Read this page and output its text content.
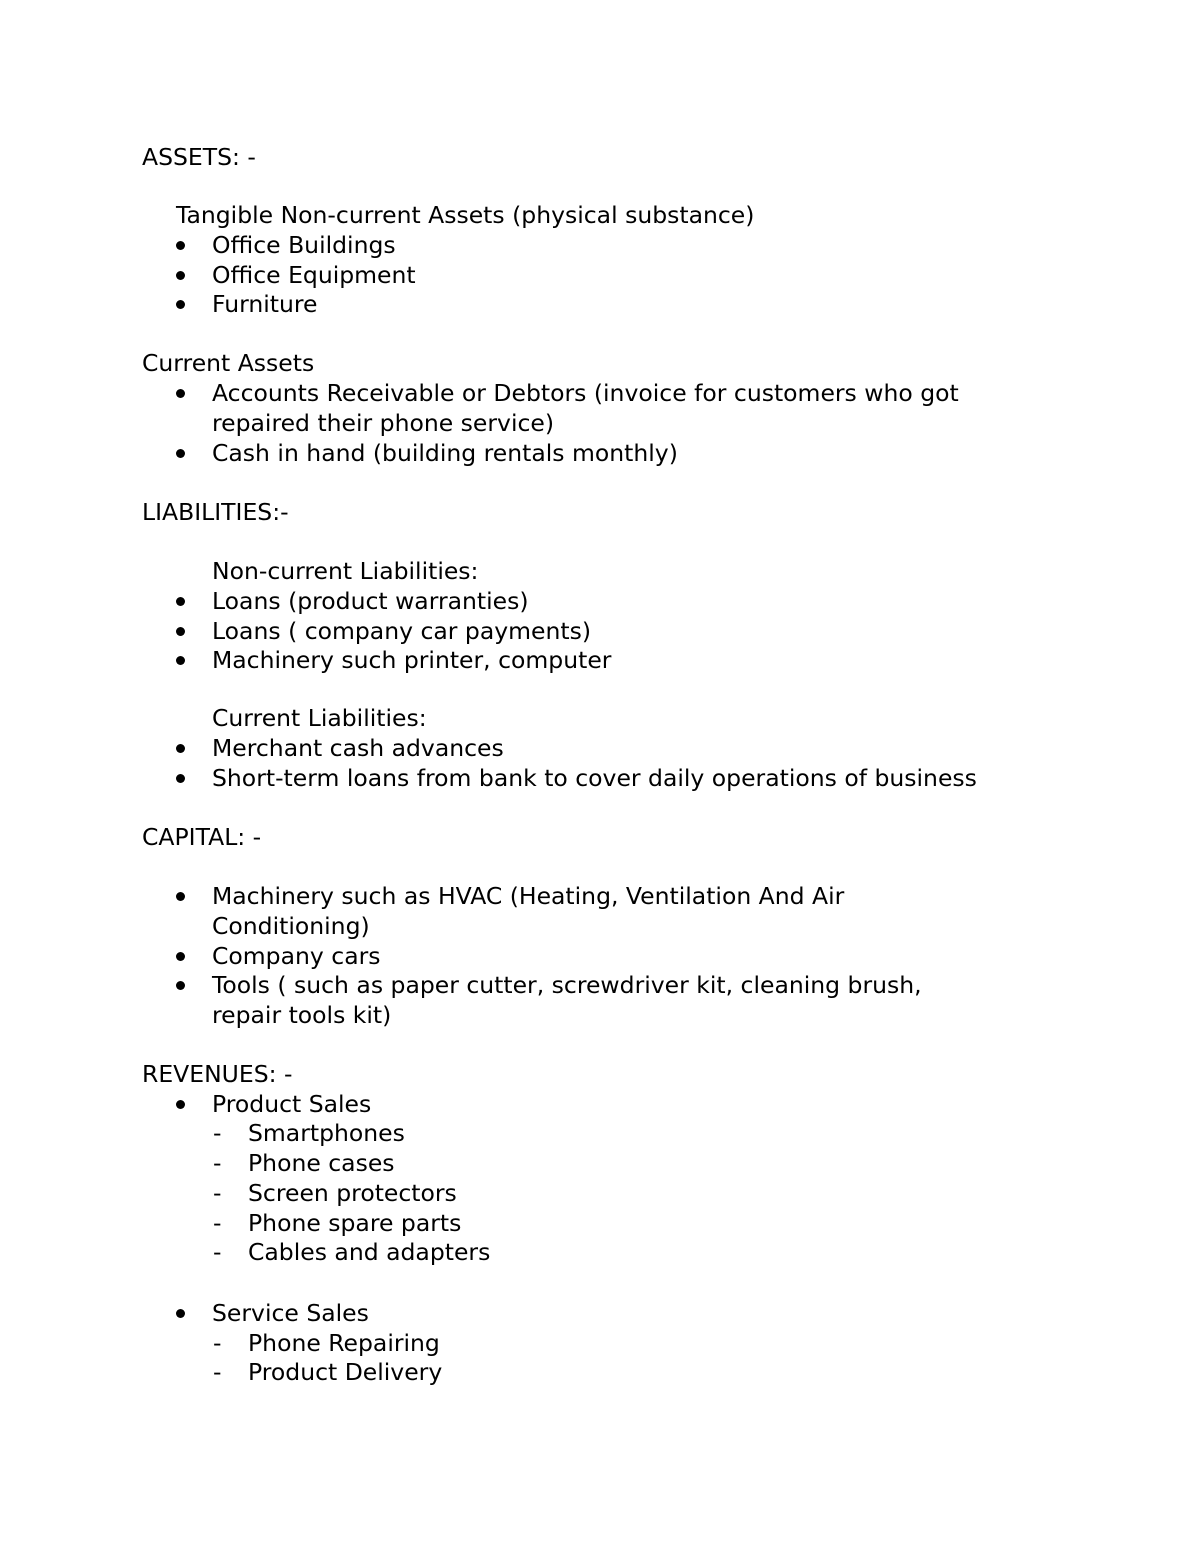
ASSETS: -
Tangible Non-current Assets (physical substance)
Office Buildings
Office Equipment
Furniture
Current Assets
Accounts Receivable or Debtors (invoice for customers who got
repaired their phone service)
Cash in hand (building rentals monthly)
LIABILITIES:-
Non-current Liabilities:
Loans (product warranties)
Loans ( company car payments)
Machinery such printer, computer
Current Liabilities:
Merchant cash advances
Short-term loans from bank to cover daily operations of business
CAPITAL: -
Machinery such as HVAC (Heating, Ventilation And Air
Conditioning)
Company cars
Tools ( such as paper cutter, screwdriver kit, cleaning brush,
repair tools kit)
REVENUES: -
Product Sales
- Smartphones
- Phone cases
- Screen protectors
- Phone spare parts
- Cables and adapters
Service Sales
- Phone Repairing
- Product Delivery
